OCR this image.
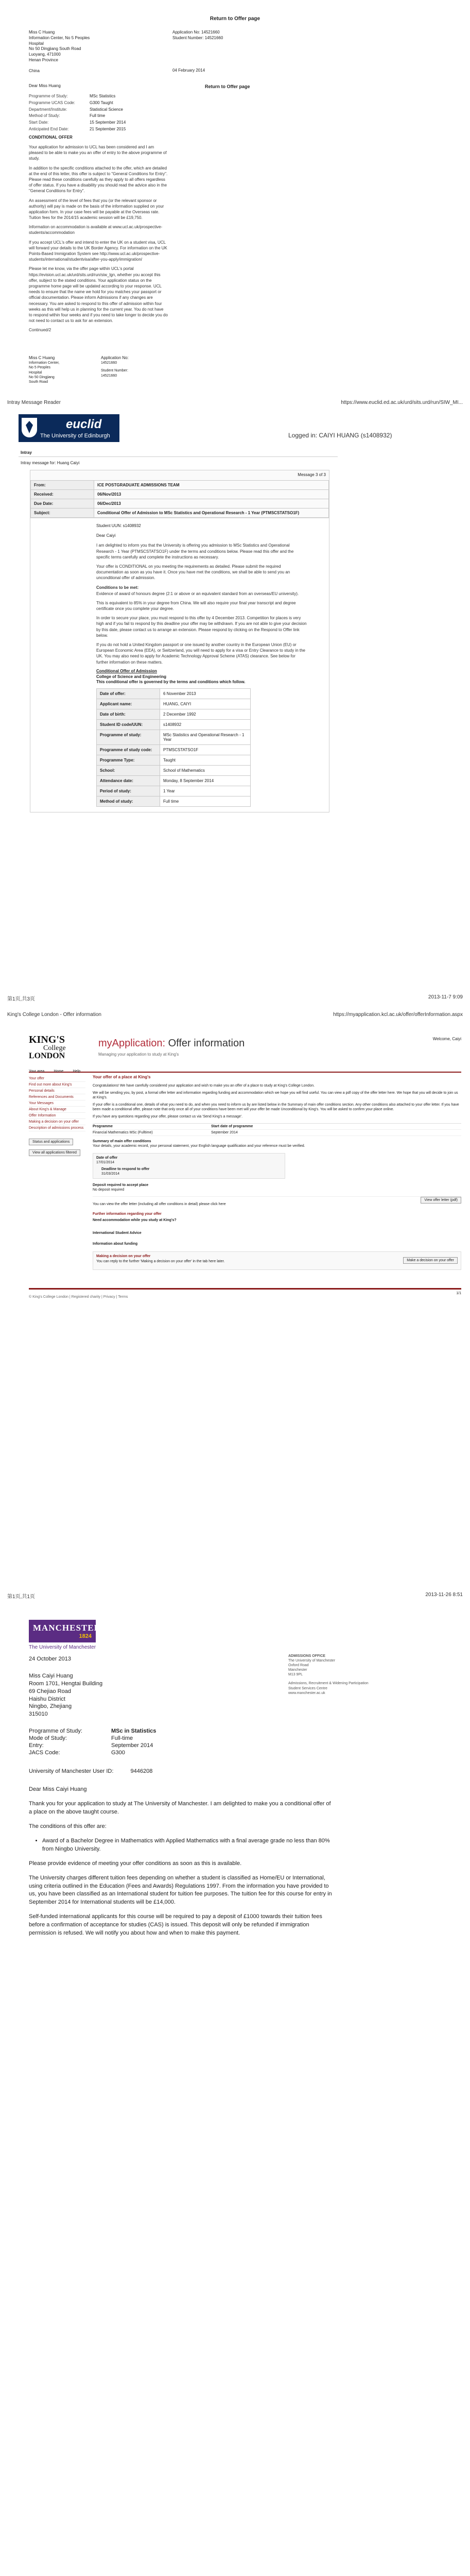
Return to Offer page
Miss C Huang
Information Center, No 5 Peoples
Hospital
No 50 Dingjiang South Road
Luoyang, 471000
Henan Province
China
Application No: 14521660
Student Number: 14521660
04 February 2014
Dear Miss Huang	Return to Offer page
Programme of Study:	MSc Statistics
Programme UCAS Code:	G300 Taught
Department/Institute:	Statistical Science
Method of Study:	Full time
Start Date:	15 September 2014
Anticipated End Date:	21 September 2015
CONDITIONAL OFFER

Your application for admission to UCL has been considered and I am pleased to be able to make you an offer of entry to the above programme of study.

In addition to the specific conditions attached to the offer, which are detailed at the end of this letter, this offer is subject to "General Conditions for Entry". Please read these conditions carefully as they apply to all offers regardless of offer status. If you have a disability you should read the advice also in the "General Conditions for Entry".

An assessment of the level of fees that you (or the relevant sponsor or authority) will pay is made on the basis of the information supplied on your application form. In your case fees will be payable at the Overseas rate. Tuition fees for the 2014/15 academic session will be £19,750.

Information on accommodation is available at www.ucl.ac.uk/prospective-students/accommodation

If you accept UCL's offer and intend to enter the UK on a student visa, UCL will forward your details to the UK Border Agency. For information on the UK Points-Based Immigration System see http://www.ucl.ac.uk/prospective-students/international/studentvisa/after-you-apply/immigration/

Please let me know, via the offer page within UCL's portal https://evision.ucl.ac.uk/urd/sits.urd/run/siw_lgn, whether you accept this offer, subject to the stated conditions. Your application status on the programme home page will be updated according to your response. UCL needs to ensure that the name we hold for you matches your passport or official documentation. Please inform Admissions if any changes are necessary. You are asked to respond to this offer of admission within four weeks as this will help us in planning for the current year. You do not have to respond within four weeks and if you need to take longer to decide you do not need to contact us to ask for an extension.

Continued/2

Miss C Huang
Information Center,
No 5 Peoples
Hospital
No 50 Dingjiang
South Road
Application No:
14521660
Student Number:
14521660
Intray Message Reader	https://www.euclid.ed.ac.uk/urd/sits.urd/run/SIW_MI...
euclid
The University of Edinburgh	Logged in: CAIYI HUANG (s1408932)
Intray
Intray message for: Huang Caiyi
Message 3 of 3
From:	ICE POSTGRADUATE ADMISSIONS TEAM
Received:	06/Nov/2013
Due Date:	06/Dec/2013
Subject:	Conditional Offer of Admission to MSc Statistics and Operational Research - 1 Year (PTMSCSTATSO1F)
Student UUN: s1408932
Dear Caiyi

I am delighted to inform you that the University is offering you admission to MSc Statistics and Operational Research - 1 Year (PTMSCSTATSO1F) under the terms and conditions below. Please read this offer and the specific terms carefully and complete the instructions as necessary.

Your offer is CONDITIONAL on you meeting the requirements as detailed. Please submit the required documentation as soon as you have it. Once you have met the conditions, we shall be able to send you an unconditional offer of admission.

Conditions to be met:

Evidence of award of honours degree (2:1 or above or an equivalent standard from an overseas/EU university).

This is equivalent to 85% in your degree from China. We will also require your final year transcript and degree certificate once you complete your degree.

In order to secure your place, you must respond to this offer by 4 December 2013. Competition for places is very high and if you fail to respond by this deadline your offer may be withdrawn. If you are not able to give your decision by this date, please contact us to arrange an extension. Please respond by clicking on the Respond to Offer link below.

If you do not hold a United Kingdom passport or one issued by another country in the European Union (EU) or European Economic Area (EEA), or Switzerland, you will need to apply for a visa or Entry Clearance to study in the UK. You may also need to apply for Academic Technology Approval Scheme (ATAS) clearance. See below for further information on these matters.

Conditional Offer of Admission
College of Science and Engineering
This conditional offer is governed by the terms and conditions which follow.
Date of offer:	6 November 2013
Applicant name:	HUANG, CAIYI
Date of birth:	2 December 1992
Student ID code/UUN:	s1408932
Programme of study:	MSc Statistics and Operational Research - 1 Year
Programme of study code:	PTMSCSTATSO1F
Programme Type:	Taught
School:	School of Mathematics
Attendance date:	Monday, 8 September 2014
Period of study:	1 Year
Method of study:	Full time
第1页,共3页	2013-11-7 9:09
King's College London - Offer information	https://myapplication.kcl.ac.uk/offer/offerInformation.aspx
KING'S
College
LONDON
myApplication: Offer information
Managing your application to study at King's
Welcome, Caiyi
Your area	Home	Help
Your offer
Find out more about King's
Personal details
References and Documents
Your Messages
About King's & Manage
Offer Information
Making a decision on your offer
Description of admissions process
Status and applications View all applications filtered
Your offer of a place at King's

Congratulations! We have carefully considered your application and wish to make you an offer of a place to study at King's College London.

We will be sending you, by post, a formal offer letter and information regarding funding and accommodation which we hope you will find useful. You can view a pdf copy of the offer letter here. We hope that you will decide to join us at King's.

If your offer is a conditional one, details of what you need to do, and when you need to inform us by are listed below in the Summary of main offer conditions section. Any other conditions also attached to your offer letter. If you have been made a conditional offer, please note that only once all of your conditions have been met will your offer be made Unconditional by King's. You will be asked to confirm your place online.

If you have any questions regarding your offer, please contact us via 'Send King's a message'.

Programme	Start date of programme
Financial Mathematics MSc (Fulltime)	September 2014
Summary of main offer conditions
Your details, your academic record, your personal statement, your English language qualification and your reference must be verified.
Date of offer
17/01/2014
Deadline to respond to offer
31/03/2014
Deposit required to accept place
No deposit required
You can view the offer letter (including all offer conditions in detail) please click here
View offer letter (pdf)
Further information regarding your offer
Need accommodation while you study at King's?
International Student Advice
Information about funding
Making a decision on your offer
You can reply to the further 'Making a decision on your offer' in the tab here later.	Make a decision on your offer
© King's College London | Registered charity | Privacy | Terms
1/1
第1页,共1页	2013-11-26 8:51
MANCHESTER
1824
The University of Manchester
ADMISSIONS OFFICE
The University of Manchester
Oxford Road
Manchester
M13 9PL
Admissions, Recruitment & Widening Participation
Student Services Centre
www.manchester.ac.uk
24 October 2013
Miss Caiyi Huang
Room 1701, Hengtai Building
69 Chejiao Road
Haishu District
Ningbo, Zhejiang
315010
Programme of Study:	MSc in Statistics
Mode of Study:	Full-time
Entry:	September 2014
JACS Code:	G300
University of Manchester User ID:	9446208

Dear Miss Caiyi Huang

Thank you for your application to study at The University of Manchester. I am delighted to make you a conditional offer of a place on the above taught course.

The conditions of this offer are:

• Award of a Bachelor Degree in Mathematics with Applied Mathematics with a final average grade no less than 80% from Ningbo University.

Please provide evidence of meeting your offer conditions as soon as this is available.

The University charges different tuition fees depending on whether a student is classified as Home/EU or International, using criteria outlined in the Education (Fees and Awards) Regulations 1997. From the information you have provided to us, you have been classified as an International student for tuition fee purposes. The tuition fee for this course for entry in September 2014 for International students will be £14,000.

Self-funded international applicants for this course will be required to pay a deposit of £1000 towards their tuition fees before a confirmation of acceptance for studies (CAS) is issued. This deposit will only be refunded if immigration permission is refused. We will notify you about how and when to make this payment.
